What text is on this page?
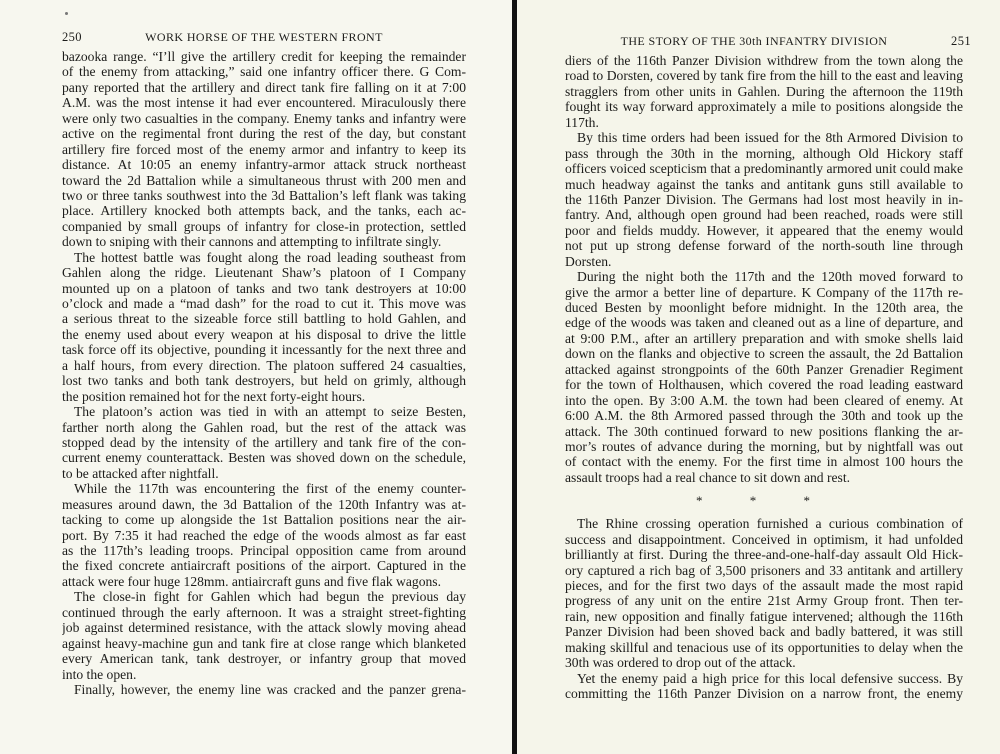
250	WORK HORSE OF THE WESTERN FRONT
bazooka range. “I’ll give the artillery credit for keeping the remainder
of the enemy from attacking,” said one infantry officer there. G Com-
pany reported that the artillery and direct tank fire falling on it at 7:00
A.M. was the most intense it had ever encountered. Miraculously there
were only two casualties in the company. Enemy tanks and infantry were
active on the regimental front during the rest of the day, but constant
artillery fire forced most of the enemy armor and infantry to keep its
distance. At 10:05 an enemy infantry-armor attack struck northeast
toward the 2d Battalion while a simultaneous thrust with 200 men and
two or three tanks southwest into the 3d Battalion’s left flank was taking
place. Artillery knocked both attempts back, and the tanks, each ac-
companied by small groups of infantry for close-in protection, settled
down to sniping with their cannons and attempting to infiltrate singly.
The hottest battle was fought along the road leading southeast from
Gahlen along the ridge. Lieutenant Shaw’s platoon of I Company
mounted up on a platoon of tanks and two tank destroyers at 10:00
o’clock and made a “mad dash” for the road to cut it. This move was
a serious threat to the sizeable force still battling to hold Gahlen, and
the enemy used about every weapon at his disposal to drive the little
task force off its objective, pounding it incessantly for the next three and
a half hours, from every direction. The platoon suffered 24 casualties,
lost two tanks and both tank destroyers, but held on grimly, although
the position remained hot for the next forty-eight hours.
The platoon’s action was tied in with an attempt to seize Besten,
farther north along the Gahlen road, but the rest of the attack was
stopped dead by the intensity of the artillery and tank fire of the con-
current enemy counterattack. Besten was shoved down on the schedule,
to be attacked after nightfall.
While the 117th was encountering the first of the enemy counter-
measures around dawn, the 3d Battalion of the 120th Infantry was at-
tacking to come up alongside the 1st Battalion positions near the air-
port. By 7:35 it had reached the edge of the woods almost as far east
as the 117th’s leading troops. Principal opposition came from around
the fixed concrete antiaircraft positions of the airport. Captured in the
attack were four huge 128mm. antiaircraft guns and five flak wagons.
The close-in fight for Gahlen which had begun the previous day
continued through the early afternoon. It was a straight street-fighting
job against determined resistance, with the attack slowly moving ahead
against heavy-machine gun and tank fire at close range which blanketed
every American tank, tank destroyer, or infantry group that moved
into the open.
Finally, however, the enemy line was cracked and the panzer grena-
THE STORY OF THE 30th INFANTRY DIVISION	251
diers of the 116th Panzer Division withdrew from the town along the
road to Dorsten, covered by tank fire from the hill to the east and leaving
stragglers from other units in Gahlen. During the afternoon the 119th
fought its way forward approximately a mile to positions alongside the
117th.
By this time orders had been issued for the 8th Armored Division to
pass through the 30th in the morning, although Old Hickory staff
officers voiced scepticism that a predominantly armored unit could make
much headway against the tanks and antitank guns still available to
the 116th Panzer Division. The Germans had lost most heavily in in-
fantry. And, although open ground had been reached, roads were still
poor and fields muddy. However, it appeared that the enemy would
not put up strong defense forward of the north-south line through
Dorsten.
During the night both the 117th and the 120th moved forward to
give the armor a better line of departure. K Company of the 117th re-
duced Besten by moonlight before midnight. In the 120th area, the
edge of the woods was taken and cleaned out as a line of departure, and
at 9:00 P.M., after an artillery preparation and with smoke shells laid
down on the flanks and objective to screen the assault, the 2d Battalion
attacked against strongpoints of the 60th Panzer Grenadier Regiment
for the town of Holthausen, which covered the road leading eastward
into the open. By 3:00 A.M. the town had been cleared of enemy. At
6:00 A.M. the 8th Armored passed through the 30th and took up the
attack. The 30th continued forward to new positions flanking the ar-
mor’s routes of advance during the morning, but by nightfall was out
of contact with the enemy. For the first time in almost 100 hours the
assault troops had a real chance to sit down and rest.
* * *
The Rhine crossing operation furnished a curious combination of
success and disappointment. Conceived in optimism, it had unfolded
brilliantly at first. During the three-and-one-half-day assault Old Hick-
ory captured a rich bag of 3,500 prisoners and 33 antitank and artillery
pieces, and for the first two days of the assault made the most rapid
progress of any unit on the entire 21st Army Group front. Then ter-
rain, new opposition and finally fatigue intervened; although the 116th
Panzer Division had been shoved back and badly battered, it was still
making skillful and tenacious use of its opportunities to delay when the
30th was ordered to drop out of the attack.
Yet the enemy paid a high price for this local defensive success. By
committing the 116th Panzer Division on a narrow front, the enemy
